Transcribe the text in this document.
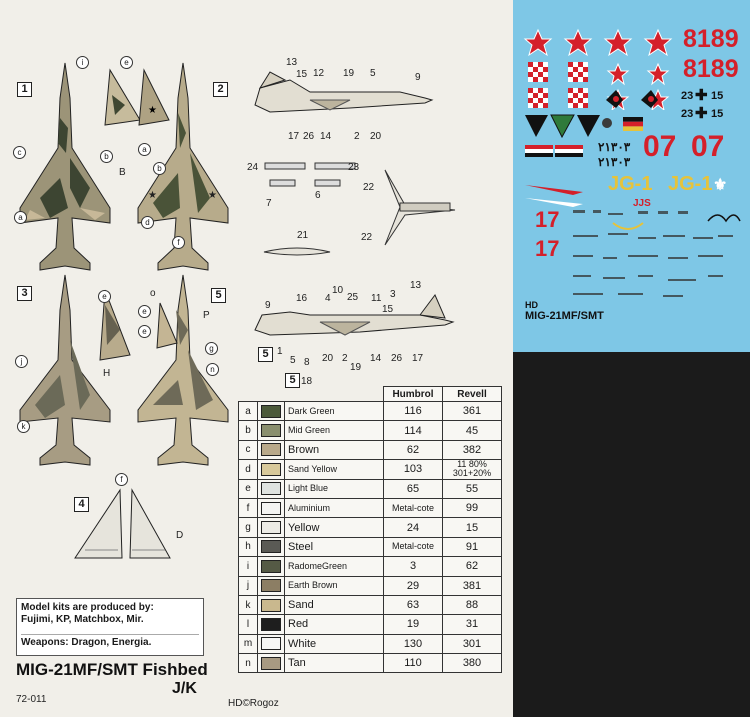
1	2
3	5
4
5
5
★
★
★
i	e
c	b
B
a
a
b
d
e
f
o
j
k
e
e
H	n
P
g
f
D
13
15 12 19 5	9
17 26 14 2 20
24	23
7
6
22
22
21
9
16 4
10
25 11 3
13
15
1
5 8 20 2
19
14 26 17
18
			Humbrol	Revell
a		Dark Green	116	361
b		Mid Green	114	45
c		Brown	62	382
d		Sand Yellow	103	11 80% 301+20%
e		Light Blue	65	55
f		Aluminium	Metal-cote	99
g		Yellow	24	15
h		Steel	Metal-cote	91
i		RadomeGreen	3	62
j		Earth Brown	29	381
k		Sand	63	88
l		Red	19	31
m		White	130	301
n		Tan	110	380
Model kits are produced by:
Fujimi, KP, Matchbox, Mir.
Weapons: Dragon, Energia.
MIG-21MF/SMT Fishbed
J/K
72-011	HD©Rogoz
8189
8189
23 ✚ 15
23 ✚ 15
07 07
٢١٣٠٣
٢١٣٠٣
JG-1 JG-1 ⚜
JJS
17
17
HD
MIG-21MF/SMT
